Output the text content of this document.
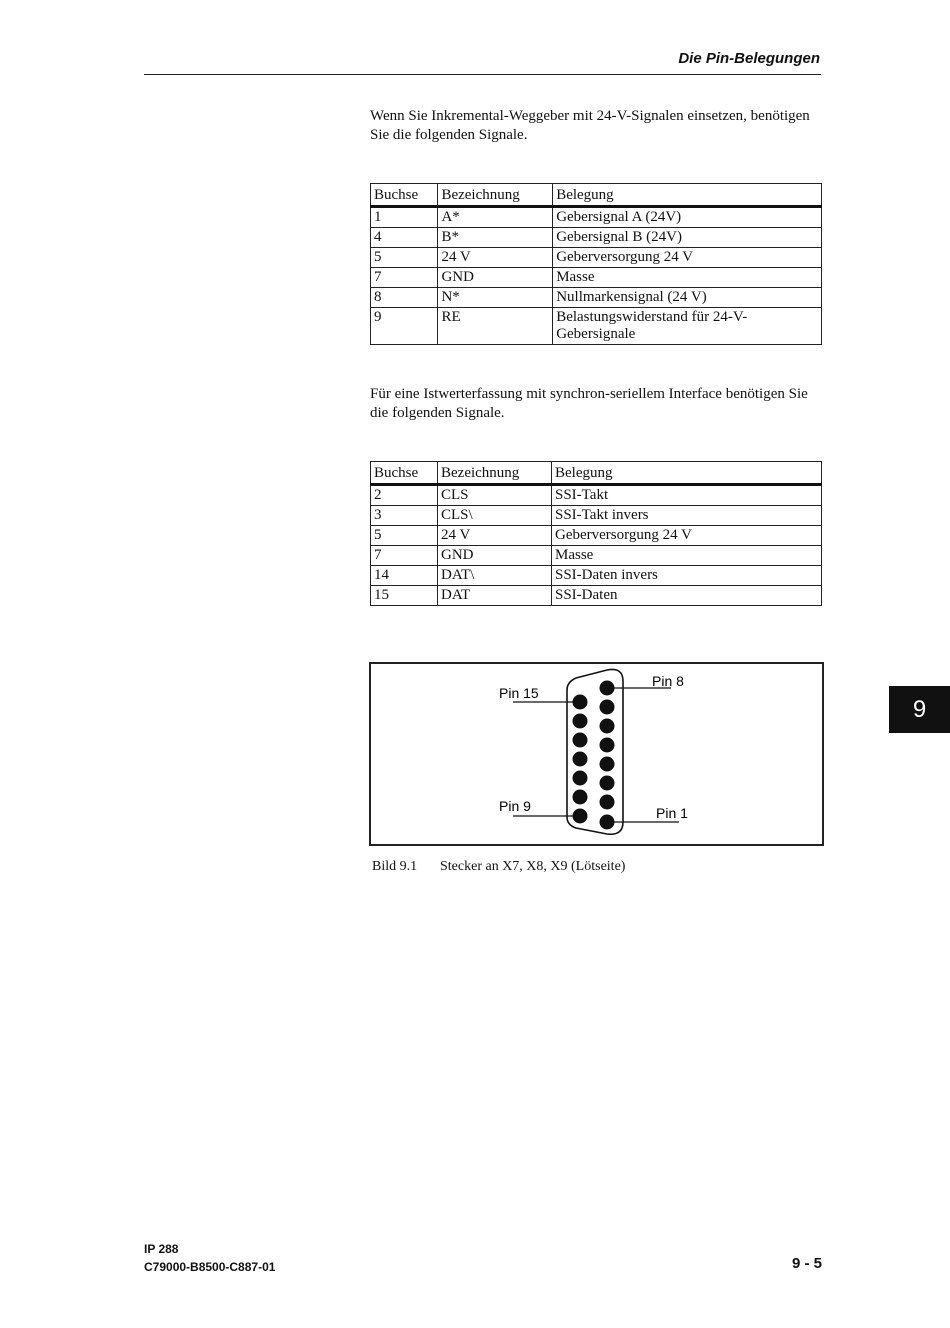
Die Pin-Belegungen

Wenn Sie Inkremental-Weggeber mit 24-V-Signalen einsetzen, benötigen Sie die folgenden Signale.

Buchse	Bezeichnung	Belegung
1	A*	Gebersignal A (24V)
4	B*	Gebersignal B (24V)
5	24 V	Geberversorgung 24 V
7	GND	Masse
8	N*	Nullmarkensignal (24 V)
9	RE	Belastungswiderstand für 24-V-Gebersignale

Für eine Istwerterfassung mit synchron-seriellem Interface benötigen Sie die folgenden Signale.

Buchse	Bezeichnung	Belegung
2	CLS	SSI-Takt
3	CLS\	SSI-Takt invers
5	24 V	Geberversorgung 24 V
7	GND	Masse
14	DAT\	SSI-Daten invers
15	DAT	SSI-Daten
Pin 15
Pin 8
Pin 9	Pin 1
Bild 9.1 Stecker an X7, X8, X9 (Lötseite)
9
IP 288
C79000-B8500-C887-01	9 - 5
